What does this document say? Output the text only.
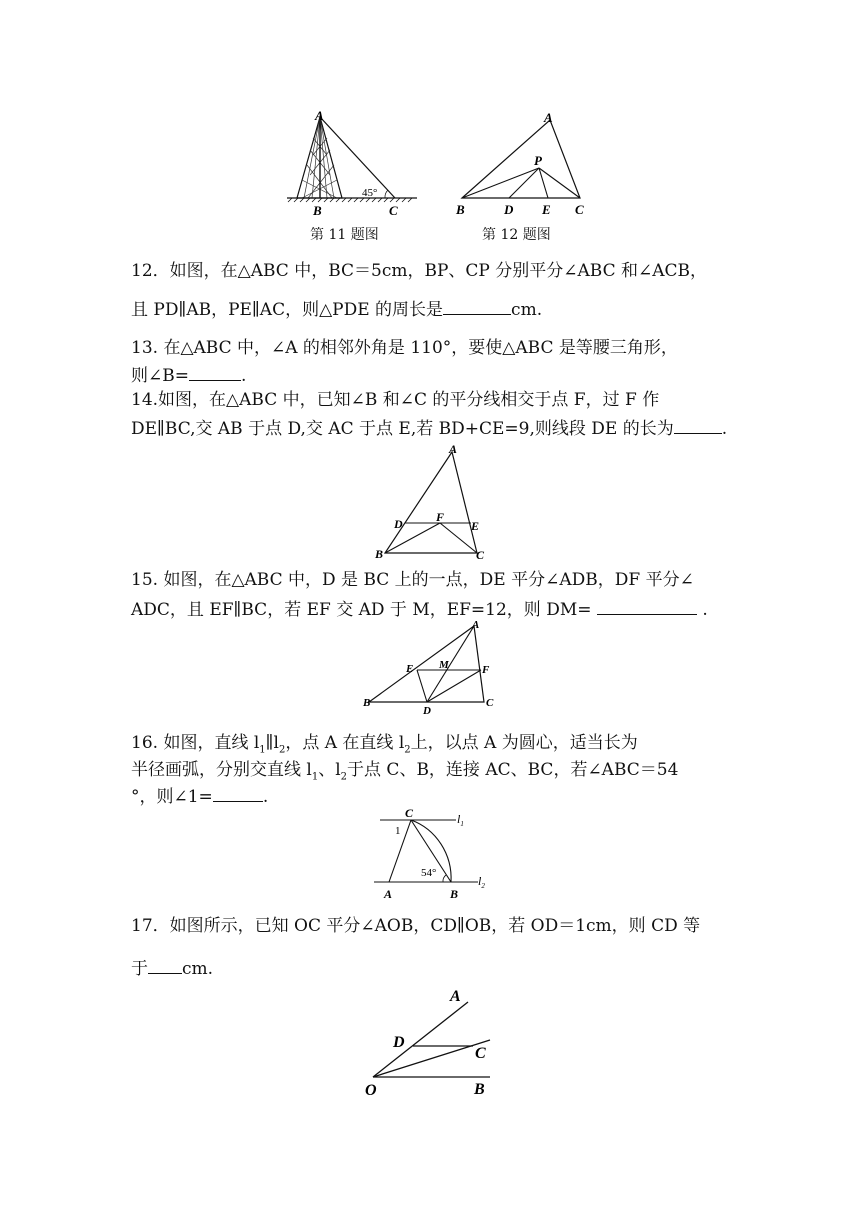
A
B	C
45°
第 11 题图
A
P
B	D E C
第 12 题图
12．如图，在△ABC 中，BC＝5cm，BP、CP 分别平分∠ABC 和∠ACB，
且 PD∥AB，PE∥AC，则△PDE 的周长是	cm.
13. 在△ABC 中，∠A 的相邻外角是 110°，要使△ABC 是等腰三角形，
则∠B=	.
14.如图，在△ABC 中，已知∠B 和∠C 的平分线相交于点 F，过 F 作
DE∥BC,交 AB 于点 D,交 AC 于点 E,若 BD+CE=9,则线段 DE 的长为	.
A
D	F
E
B	C
15. 如图，在△ABC 中，D 是 BC 上的一点，DE 平分∠ADB，DF 平分∠
ADC，且 EF∥BC，若 EF 交 AD 于 M，EF=12，则 DM=	.
A
E M	F
B
D
C
16. 如图，直线 $l_1\parallel l_2$，点 A 在直线 $l_2$上，以点 A 为圆心，适当长为
半径画弧，分别交直线 $l_1$、$l_2$于点 C、B，连接 AC、BC，若∠ABC＝54
°，则∠1=	.
C
1
$l_1$
54°
A	B
$l_2$
17．如图所示，已知 OC 平分∠AOB，CD∥OB，若 OD＝1cm，则 CD 等
于 cm.
A
D
C
O	B
